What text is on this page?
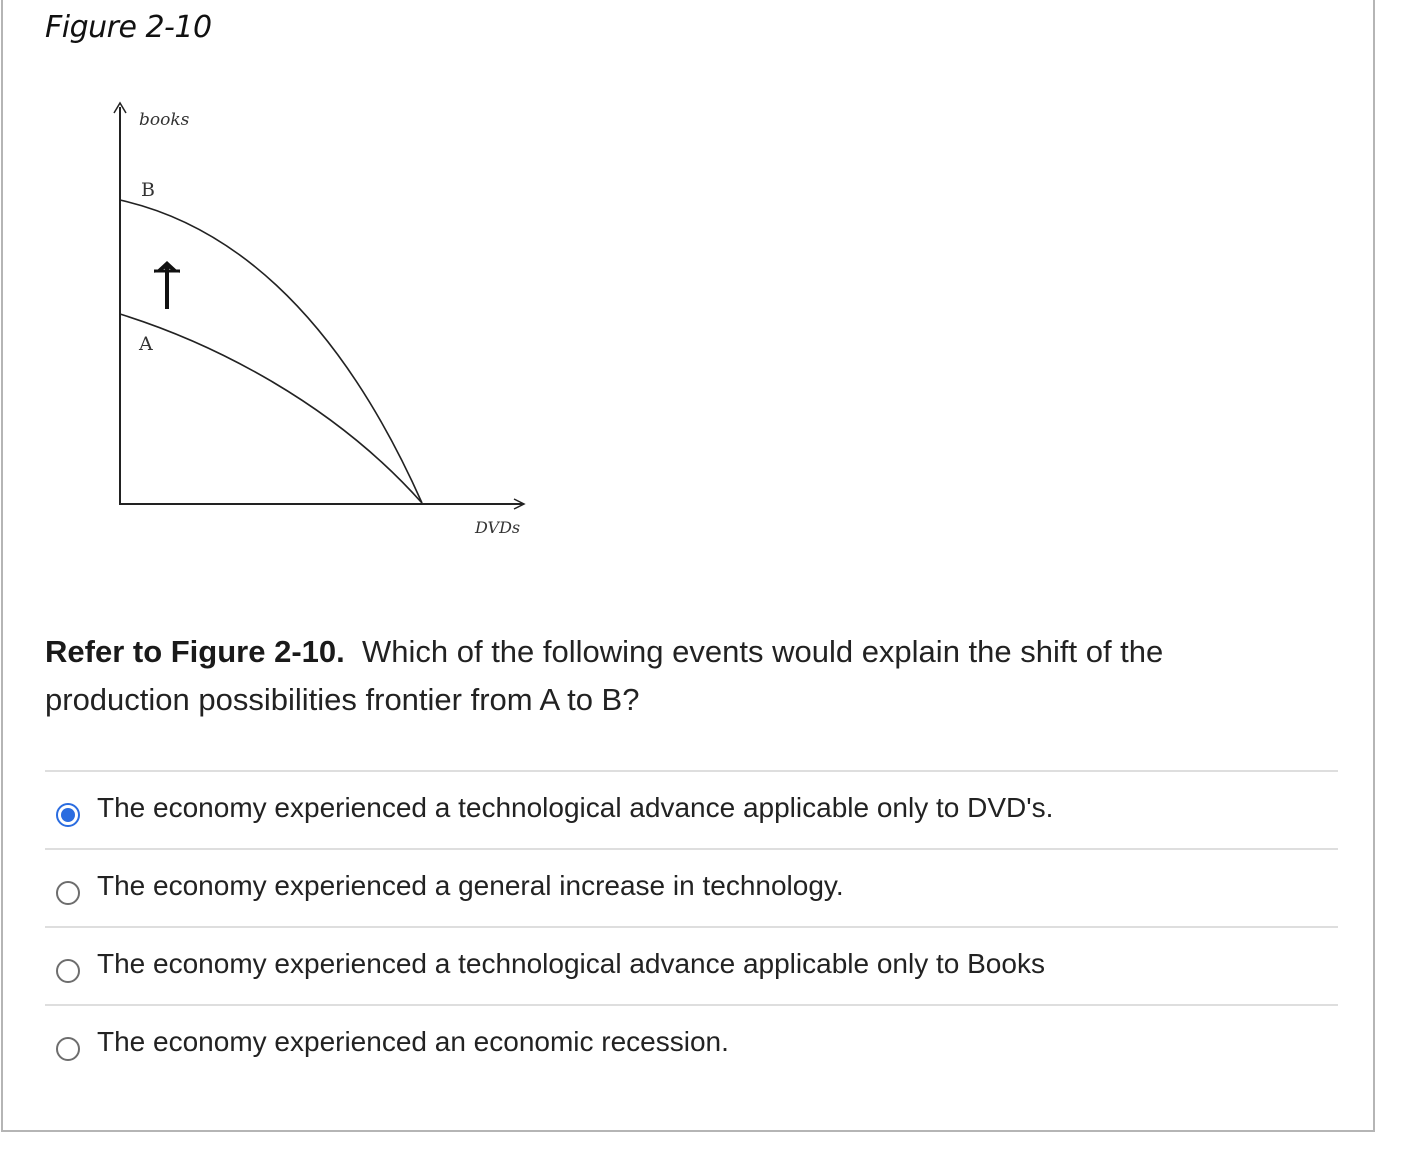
Figure 2-10
books
B
A
DVDs
Refer to Figure 2-10. Which of the following events would explain the shift of the production possibilities frontier from A to B?
The economy experienced a technological advance applicable only to DVD's.
The economy experienced a general increase in technology.
The economy experienced a technological advance applicable only to Books
The economy experienced an economic recession.
